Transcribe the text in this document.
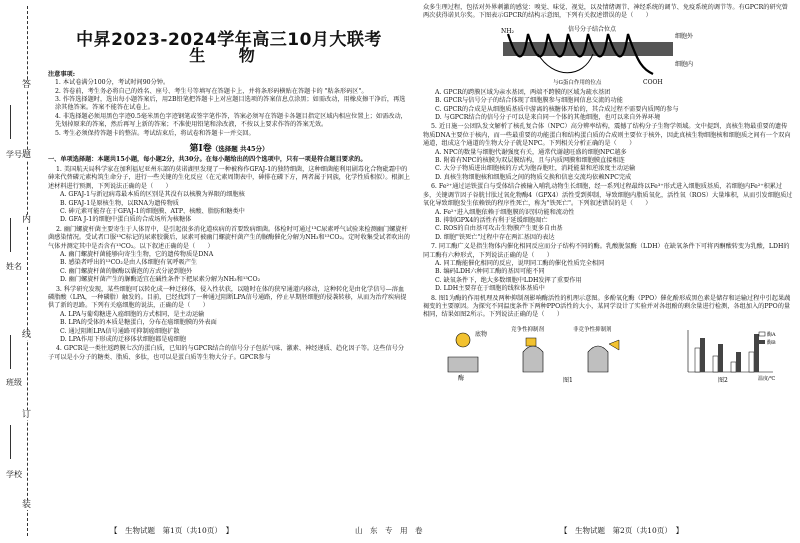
答
题
内
线
订
装
学校
班级
姓名
学号
中昇2023-2024学年高三10月大联考
生 物
注意事项:
1. 本试卷满分100分，考试时间90分钟。
2. 答卷前，考生务必将自己的姓名、座号、考生号等填写在答题卡上，并将条形码横贴在答题卡的 "粘条形码区"。
3. 作答选择题时，选出每小题答案后，用2B铅笔把答题卡上对应题目选项的答案信息点涂黑；如需改动，用橡皮擦干净后，再选涂其他答案。答案不能答在试卷上。
4. 非选择题必须用黑色字迹0.5毫米黑色字迹钢笔或签字笔作答，答案必须写在答题卡各题目指定区域内相应位置上；如需改动，先划掉原来的答案，然后再写上新的答案；不准使用铅笔和涂改液，不按以上要求作答的答案无效。
5. 考生必须保持答题卡的整洁。考试结束后，将试卷和答题卡一并交回。
第Ⅰ卷（选择题 共45分）
一、单项选择题：本题共15小题，每小题2分，共30分。在每小题给出的四个选项中，只有一项是符合题目要求的。

1. 美国航天局科学家在加利福尼亚州东部的莫诺湖里发现了一种被称作GFAJ-1的独特细菌，这种细菌能利用剧毒化合物砒霜中的砷来代替磷元素构筑生命分子，进行一些关键的生化反应（在元素周期表中，砷排在磷下方，两者属于同族，化学性质相似）。根据上述材料进行预测，下列说法正确的是（　　）

A. GFAJ-1与新冠病毒最本质的区别是其没有以核膜为界限的细胞核

B. GFAJ-1是原核生物，以RNA为遗传物质

C. 砷元素可能存在于GFAJ-1的细胞膜、ATP、核酸、脂肪和糖类中

D. GFA J-1的细胞中蛋白质的合成场所为核糖体

2. 幽门螺旋杆菌主要寄生于人体胃中，是引起很多消化道疾病的首要致病细菌。体检时可通过¹³C尿素呼气试验来检测幽门螺旋杆菌感染情况。受试者口服¹³C标记的尿素胶囊后，尿素可被幽门螺旋杆菌产生的脲酶催化分解为NH₃和¹³CO₂。定时收集受试者吹出的气体并测定其中是否含有¹³CO₂。以下叙述正确的是（　　）

A. 幽门螺旋杆菌能够向寄生生物，它的遗传物质是DNA

B. 感染者呼出的¹³CO₂是由人体细胞有氧呼吸产生

C. 幽门螺旋杆菌的脲酶以囊泡的方式分泌到胞外

D. 幽门螺旋杆菌产生的脲酶适宜在碱性条件下把尿素分解为NH₃和¹³CO₂

3. 科学研究发现，某些细胞可以转化成一种迁移体，侵入性状获，以随时在体的狭窄通道内移动，这种转化是由化学信号—溶血磷脂酸（LPA，一种磷脂）触发的。目前，已经找到了一种通过阻断LPA信号通路，停止早期胚细胞的侵袭转移，从而为治疗疾病提供了新的思路。下列有关癌细胞的说法，正确的是（　　）

A. LPA与葡萄糖进入癌细胞的方式相同，是主动运输

B. LPA的受体的本质是糖蛋白，分布在癌细胞膜的外表面

C. 通过阻断LPA信号通路可抑制癌细胞扩散

D. LPA作用下形成的迁移体状细胞都是癌细胞

4. GPCR是一类往返跨膜七次的蛋白质，已知的与GPCR结合的信号分子包括气味、激素、神经递质、趋化因子等。这些信号分子可以是小分子的糖类、脂质、多肽，也可以是蛋白质等生物大分子。GPCR参与

众多生理过程，包括对外界刺激的感觉：嗅觉、味觉、视觉，以及情绪调节、神经系统的调节、免疫系统的调节等。有GPCR的研究曾两次获得诺贝尔奖。下图表示GPCR的结构示意图，下列有关叙述错误的是（　　）

NH₂	信号分子结合位点
COOH
细胞外
细胞内
与G蛋白作用的位点

A. GPCR的跨膜区域为亲水基团，两端不跨膜的区域为疏水基团

B. GPCR与信号分子的结合体现了细胞膜参与细胞间信息交流的功能

C. GPCR的合成是从细胞质基质中游离的核糖体开始的，其合成过程不需要内质网的参与

D. 与GPCR结合的信号分子可以是来自同一个体的其他细胞，也可以来自外界环境

5. 近日施一公团队发文解析了核孔复合体（NPC）高分辨率结构，震撼了结构分子生物学领域。文中提到，真核生物最重要的遗传物质DNA主要位于核内，而一些最重要的功能蛋白和结构蛋白质的合成则主要位于核外，因此真核生物细胞核和细胞质之间有一个双向通道，组成这个通道的生物大分子就是NPC。下列相关分析正确的是（　　）

A. NPC的数量与细胞代谢强度有关，通常代谢越旺盛的细胞NPC越多

B. 附着有NPC的核膜为双层膜结构，且与内质网膜和细胞膜直接相连

C. 大分子物质进出细胞核的方式为胞吞胞吐，消耗能量和逆浓度主动运输

D. 真核生物细胞核和细胞质之间的物质交换和信息交流均依赖NPC完成

6. Fe²⁺通过运铁蛋白与受体结合被输入哺乳动物生长细胞，经一系列过程最终以Fe³⁺形式进入细胞质基质，若细胞内Fe²⁺积累过多，关键调节因子谷胱甘肽过氧化物酶4（GPX4）活性受到抑制，导致细胞内脂质氧化，活性氧（ROS）大量堆积，从而引发细胞质过氧化导致细胞发生依赖铁的程序性死亡，称为"铁死亡"。下列叙述错误的是（　　）

A. Fe²⁺进入细胞依赖于细胞膜的识别功能和流动性

B. 抑制GPX4的活性有利于延缓细胞凋亡

C. ROS的自由基可攻击生物膜产生更多自由基

D. 细胞"铁死亡"过程中存在两汇基因的表达

7. 同工酶广义是指生物体内催化相同反应而分子结构不同的酶。乳酸脱氢酶（LDH）在缺氧条件下可将丙酮酸转变为乳酸，LDH的同工酶有六种形式，下列说法正确的是（　　）

A. 同工酶能催化相同的反应，说明同工酶的催化性质完全相同

B. 编码LDH六种同工酶的基因可能不同

C. 缺氧条件下，绝大多数细胞中LDH发挥了重要作用

D. LDH主要存在于细胞的线粒体基质中

8. 图1为酶的作用机理及两种抑制剂影响酶活性的机理示意图。多酚氧化酶（PPO）催化酚形成黑色素是储存和运输过程中引起果蔬褐变的主要原因。为探究不同温度条件下两种PPO活性的大小，某同学设计了实验并对各组酚的剩余量进行检测，各组加入的PPO的量相同，结果如图2所示。下列说法正确的是（　　）

底物
酶
竞争性抑制剂	非竞争性抑制剂
图1
酶A
酶B
温度/℃
图2
【　生物试题　第1页（共10页）　】	山　东　专　用　卷	【　生物试题　第2页（共10页）　】
